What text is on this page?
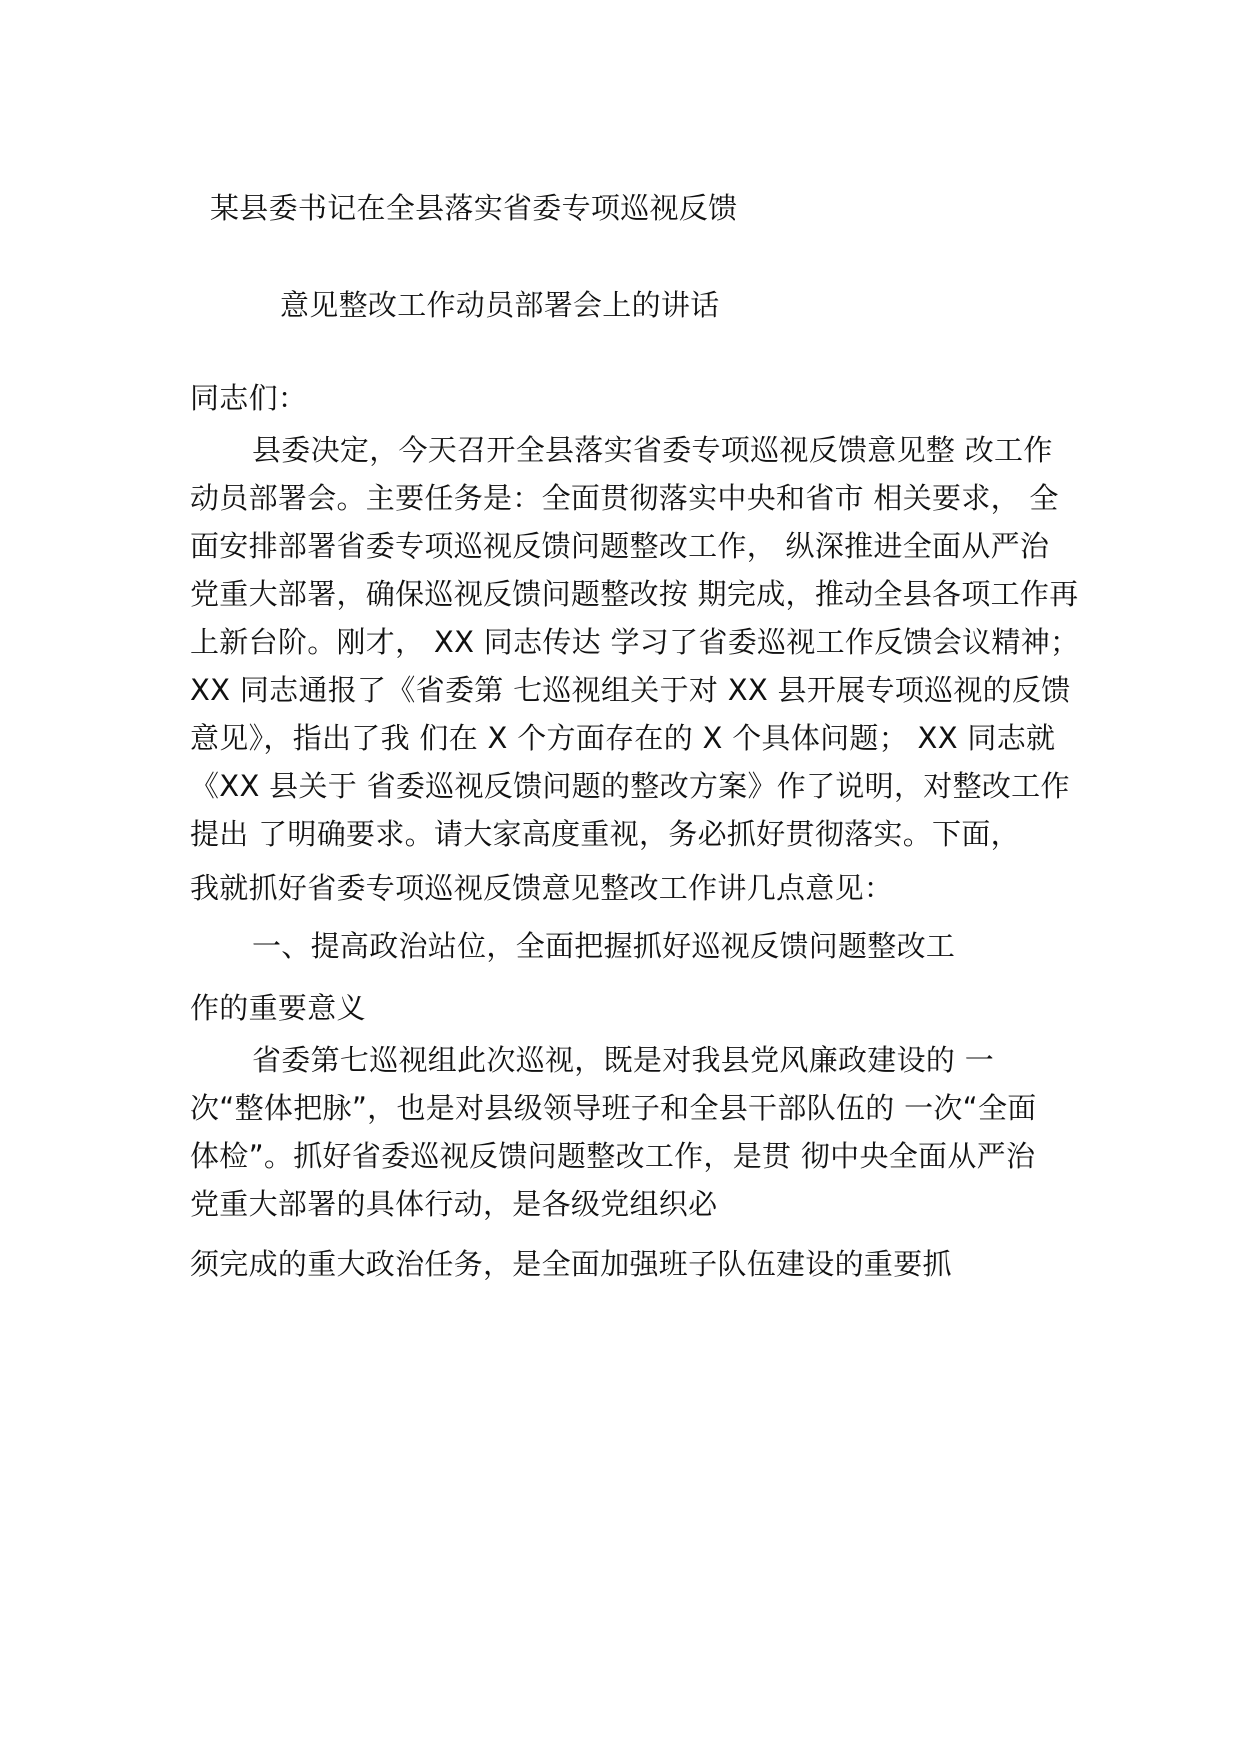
某县委书记在全县落实省委专项巡视反馈
意见整改工作动员部署会上的讲话
同志们：
县委决定，今天召开全县落实省委专项巡视反馈意见整 改工作
动员部署会。主要任务是：全面贯彻落实中央和省市 相关要求， 全
面安排部署省委专项巡视反馈问题整改工作， 纵深推进全面从严治
党重大部署，确保巡视反馈问题整改按 期完成，推动全县各项工作再
上新台阶。刚才， XX 同志传达 学习了省委巡视工作反馈会议精神；
XX 同志通报了《省委第 七巡视组关于对 XX 县开展专项巡视的反馈
意见》，指出了我 们在 X 个方面存在的 X 个具体问题； XX 同志就
《XX 县关于 省委巡视反馈问题的整改方案》作了说明，对整改工作
提出 了明确要求。请大家高度重视，务必抓好贯彻落实。下面，
我就抓好省委专项巡视反馈意见整改工作讲几点意见：
一、提高政治站位，全面把握抓好巡视反馈问题整改工
作的重要意义
省委第七巡视组此次巡视，既是对我县党风廉政建设的 一
次“整体把脉”，也是对县级领导班子和全县干部队伍的 一次“全面
体检”。抓好省委巡视反馈问题整改工作，是贯 彻中央全面从严治
党重大部署的具体行动，是各级党组织必
须完成的重大政治任务，是全面加强班子队伍建设的重要抓
